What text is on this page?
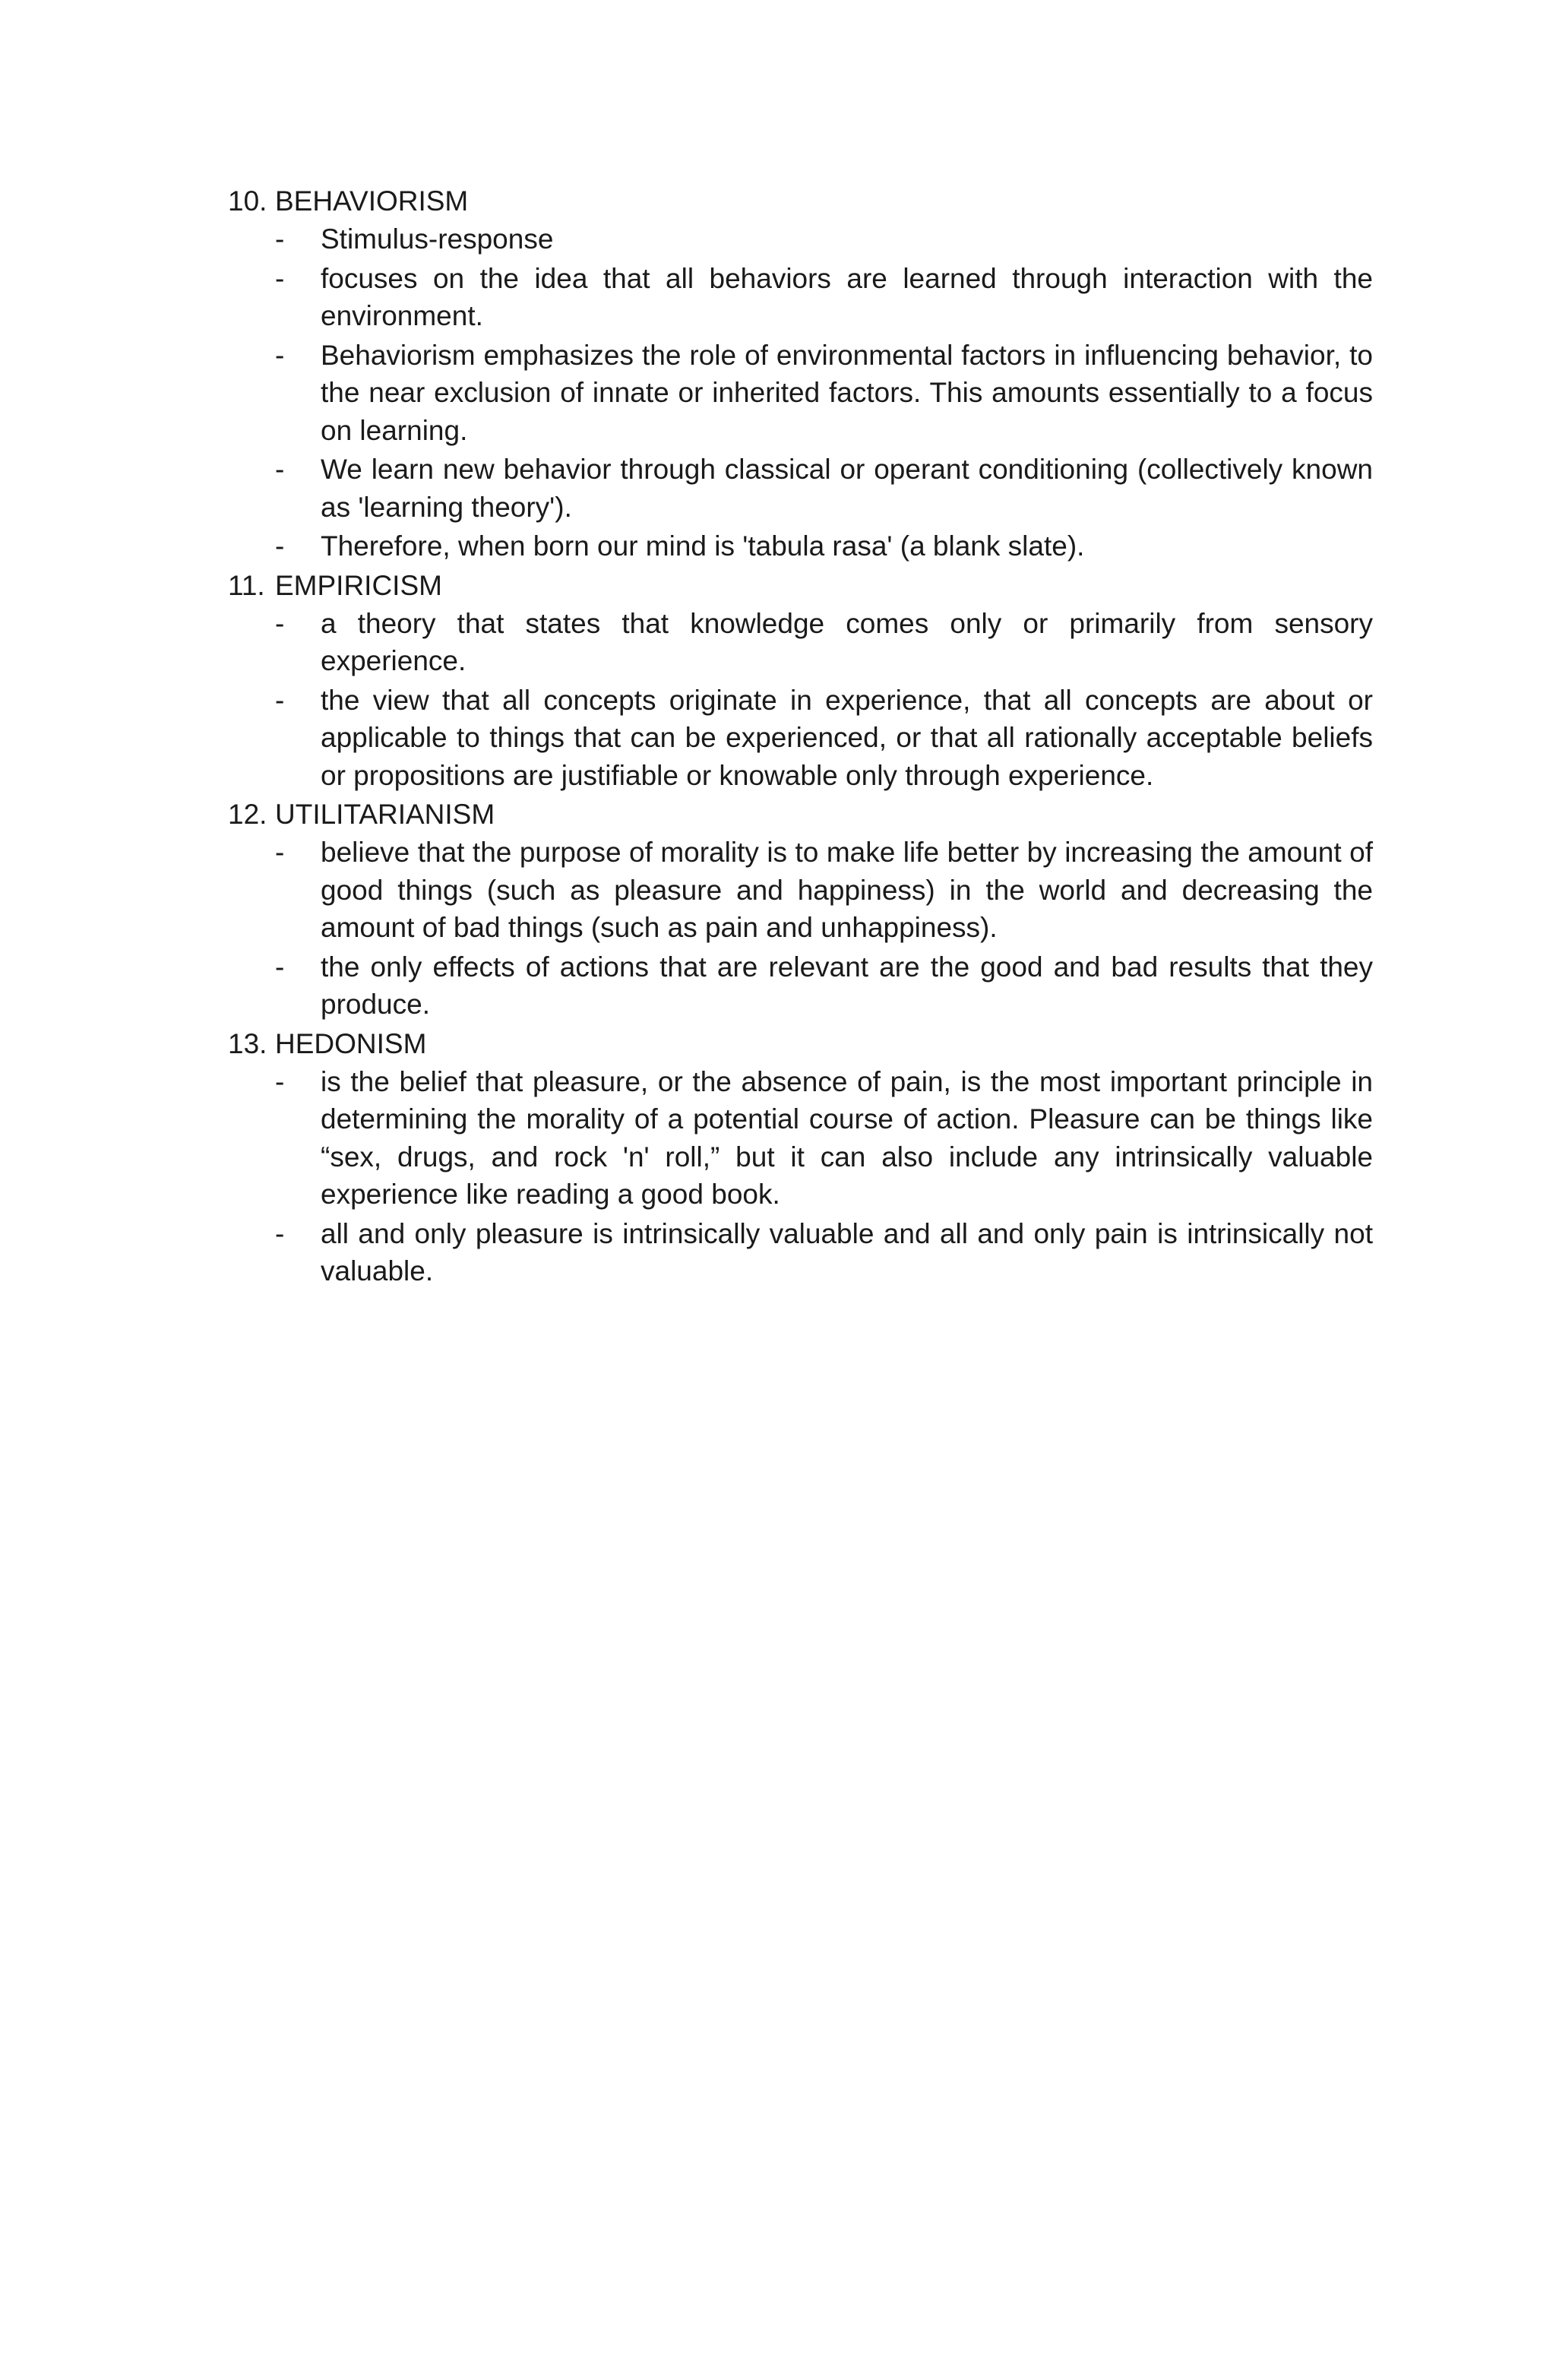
10. BEHAVIORISM
-	Stimulus-response
-	focuses on the idea that all behaviors are learned through interaction with the environment.
-	Behaviorism emphasizes the role of environmental factors in influencing behavior, to the near exclusion of innate or inherited factors. This amounts essentially to a focus on learning.
-	We learn new behavior through classical or operant conditioning (collectively known as 'learning theory').
-	Therefore, when born our mind is 'tabula rasa' (a blank slate).
11. EMPIRICISM
-	a theory that states that knowledge comes only or primarily from sensory experience.
-	the view that all concepts originate in experience, that all concepts are about or applicable to things that can be experienced, or that all rationally acceptable beliefs or propositions are justifiable or knowable only through experience.
12. UTILITARIANISM
-	believe that the purpose of morality is to make life better by increasing the amount of good things (such as pleasure and happiness) in the world and decreasing the amount of bad things (such as pain and unhappiness).
-	the only effects of actions that are relevant are the good and bad results that they produce.
13. HEDONISM
-	is the belief that pleasure, or the absence of pain, is the most important principle in determining the morality of a potential course of action. Pleasure can be things like “sex, drugs, and rock 'n' roll,” but it can also include any intrinsically valuable experience like reading a good book.
-	all and only pleasure is intrinsically valuable and all and only pain is intrinsically not valuable.
